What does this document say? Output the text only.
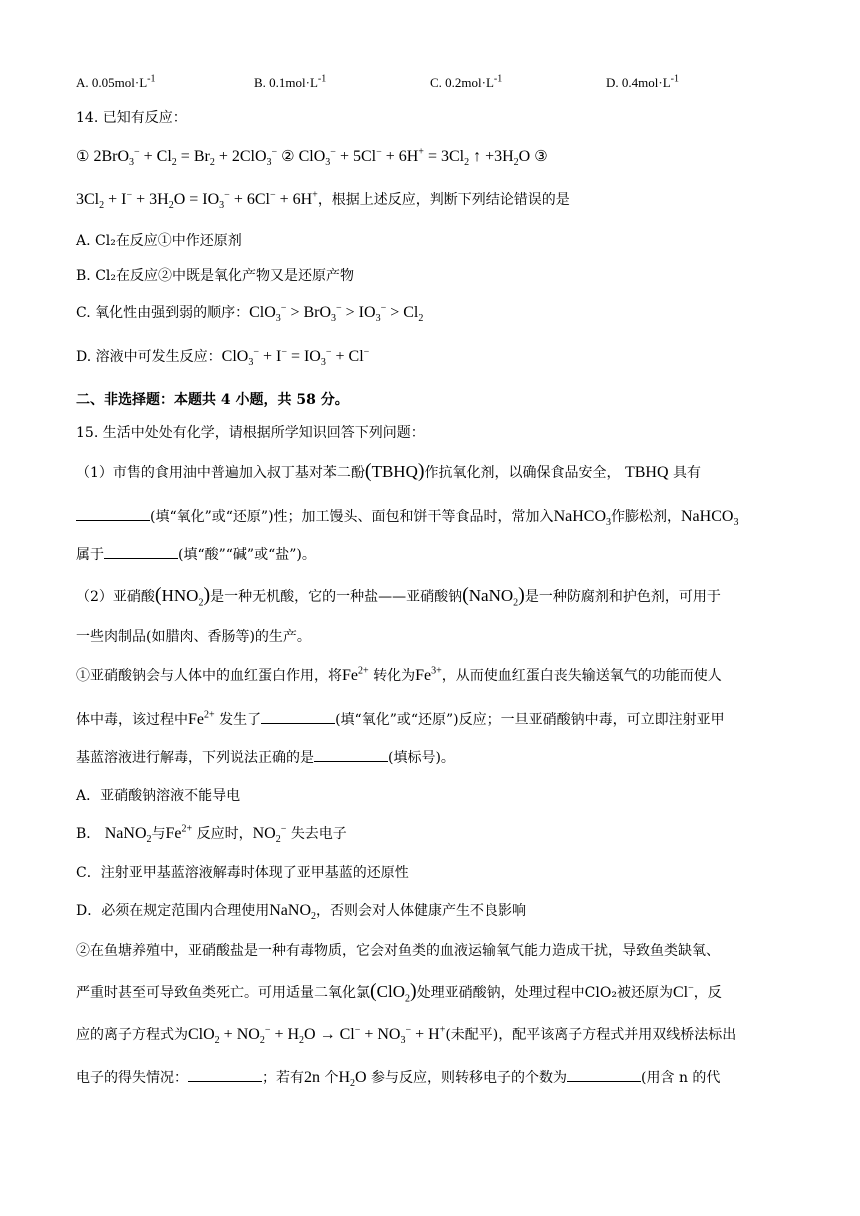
A. $0.05mol\cdot L^{-1}$	B. $0.1mol\cdot L^{-1}$	C. $0.2mol\cdot L^{-1}$	D. $0.4mol\cdot L^{-1}$
14. 已知有反应：
① $2BrO_3^- + Cl_2 = Br_2 + 2ClO_3^-$ ② $ClO_3^- + 5Cl^- + 6H^+ = 3Cl_2$ ↑ $+3H_2O$ ③
$3Cl_2 + I^- + 3H_2O = IO_3^- + 6Cl^- + 6H^+$，根据上述反应，判断下列结论错误的是
A. Cl₂在反应①中作还原剂
B. Cl₂在反应②中既是氧化产物又是还原产物
C. 氧化性由强到弱的顺序：$ClO_3^- > BrO_3^- > IO_3^- > Cl_2$
D. 溶液中可发生反应：$ClO_3^- + I^- = IO_3^- + Cl^-$
二、非选择题：本题共 4 小题，共 58 分。
15. 生活中处处有化学，请根据所学知识回答下列问题：
（1）市售的食用油中普遍加入叔丁基对苯二酚(TBHQ)作抗氧化剂，以确保食品安全， TBHQ 具有
(填“氧化”或“还原”)性；加工馒头、面包和饼干等食品时，常加入NaHCO$_3$作膨松剂，NaHCO$_3$
属于	(填“酸”“碱”或“盐”)。
（2）亚硝酸$(HNO_2)$是一种无机酸，它的一种盐——亚硝酸钠(NaNO$_2$)是一种防腐剂和护色剂，可用于
一些肉制品(如腊肉、香肠等)的生产。
①亚硝酸钠会与人体中的血红蛋白作用，将$Fe^{2+}$ 转化为$Fe^{3+}$，从而使血红蛋白丧失输送氧气的功能而使人
体中毒，该过程中$Fe^{2+}$ 发生了	(填“氧化”或“还原”)反应；一旦亚硝酸钠中毒，可立即注射亚甲
基蓝溶液进行解毒，下列说法正确的是	(填标号)。
A．亚硝酸钠溶液不能导电
B． NaNO$_2$与$Fe^{2+}$ 反应时，$NO_2^-$ 失去电子
C．注射亚甲基蓝溶液解毒时体现了亚甲基蓝的还原性
D．必须在规定范围内合理使用NaNO$_2$，否则会对人体健康产生不良影响
②在鱼塘养殖中，亚硝酸盐是一种有毒物质，它会对鱼类的血液运输氧气能力造成干扰，导致鱼类缺氧、
严重时甚至可导致鱼类死亡。可用适量二氧化氯(ClO$_2$)处理亚硝酸钠，处理过程中ClO₂被还原为Cl−，反
应的离子方程式为$ClO_2 + NO_2^- + H_2O \to Cl^- + NO_3^- + H^+$(未配平)，配平该离子方程式并用双线桥法标出
电子的得失情况：	；若有2n 个$H_2O$ 参与反应，则转移电子的个数为	(用含 n 的代
